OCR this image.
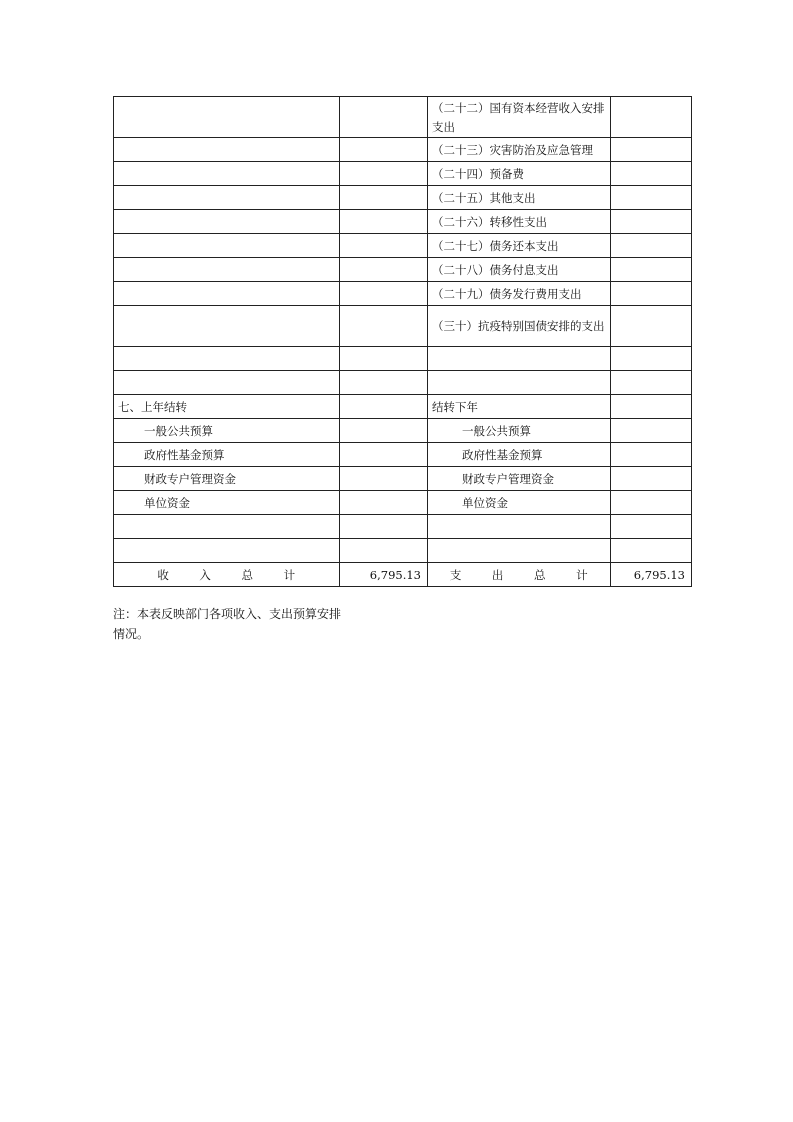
		（二十二）国有资本经营收入安排支出	
		（二十三）灾害防治及应急管理	
		（二十四）预备费	
		（二十五）其他支出	
		（二十六）转移性支出	
		（二十七）债务还本支出	
		（二十八）债务付息支出	
		（二十九）债务发行费用支出	
		（三十）抗疫特别国债安排的支出	

七、上年结转		结转下年	
一般公共预算		一般公共预算	
政府性基金预算		政府性基金预算	
财政专户管理资金		财政专户管理资金	
单位资金		单位资金	

收 入 总 计	6,795.13	支 出 总 计	6,795.13
注：本表反映部门各项收入、支出预算安排情况。
